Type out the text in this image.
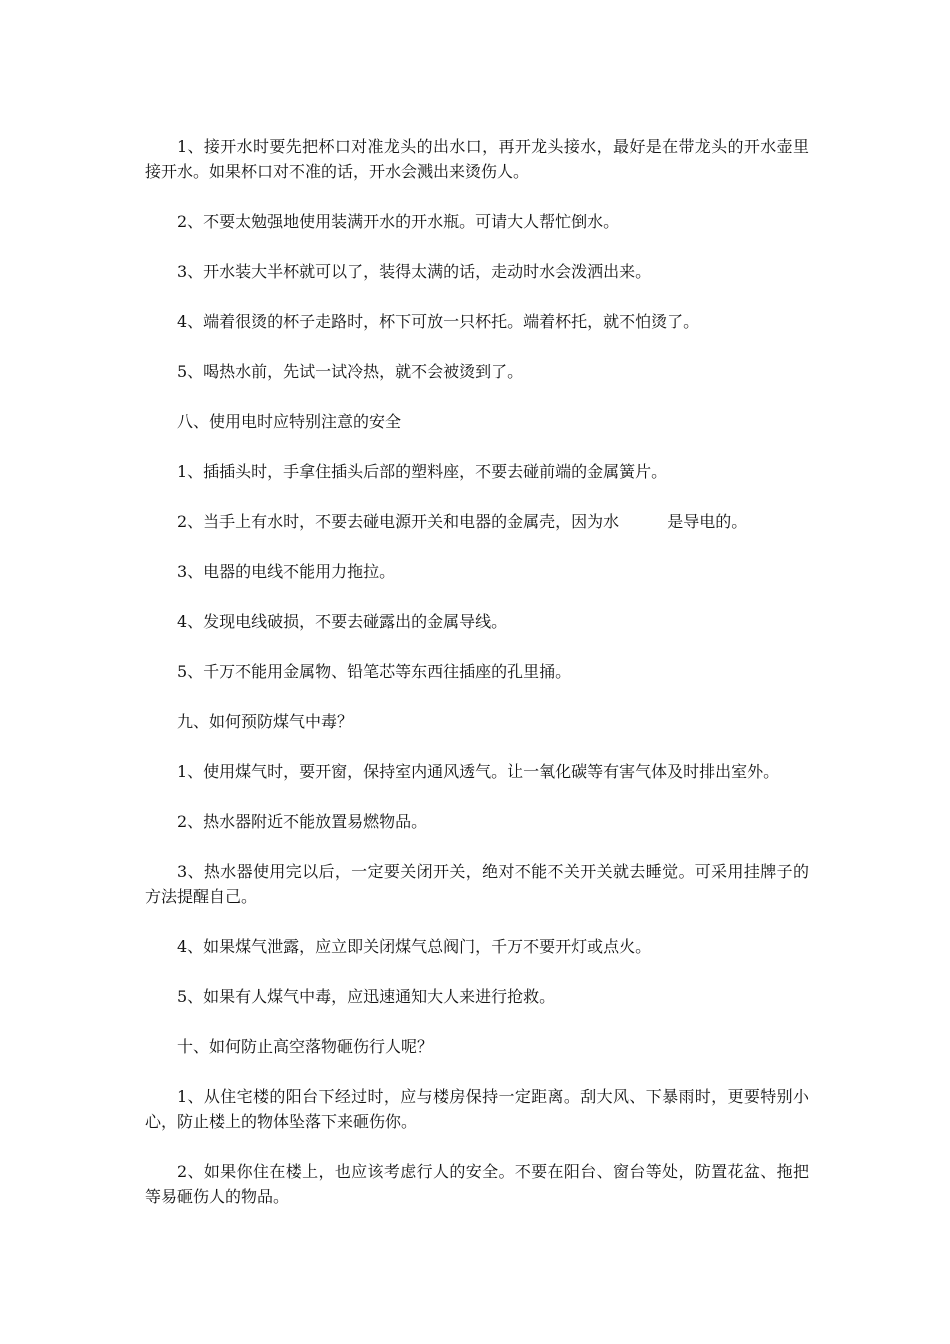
1、接开水时要先把杯口对准龙头的出水口，再开龙头接水，最好是在带龙头的开水壶里接开水。如果杯口对不准的话，开水会溅出来烫伤人。

2、不要太勉强地使用装满开水的开水瓶。可请大人帮忙倒水。

3、开水装大半杯就可以了，装得太满的话，走动时水会泼洒出来。

4、端着很烫的杯子走路时，杯下可放一只杯托。端着杯托，就不怕烫了。

5、喝热水前，先试一试冷热，就不会被烫到了。

八、使用电时应特别注意的安全

1、插插头时，手拿住插头后部的塑料座，不要去碰前端的金属簧片。

2、当手上有水时，不要去碰电源开关和电器的金属壳，因为水	是导电的。

3、电器的电线不能用力拖拉。

4、发现电线破损，不要去碰露出的金属导线。

5、千万不能用金属物、铅笔芯等东西往插座的孔里捅。

九、如何预防煤气中毒？

1、使用煤气时，要开窗，保持室内通风透气。让一氧化碳等有害气体及时排出室外。

2、热水器附近不能放置易燃物品。

3、热水器使用完以后，一定要关闭开关，绝对不能不关开关就去睡觉。可采用挂牌子的方法提醒自己。

4、如果煤气泄露，应立即关闭煤气总阀门，千万不要开灯或点火。

5、如果有人煤气中毒，应迅速通知大人来进行抢救。

十、如何防止高空落物砸伤行人呢？

1、从住宅楼的阳台下经过时，应与楼房保持一定距离。刮大风、下暴雨时，更要特别小心，防止楼上的物体坠落下来砸伤你。

2、如果你住在楼上，也应该考虑行人的安全。不要在阳台、窗台等处，防置花盆、拖把等易砸伤人的物品。
